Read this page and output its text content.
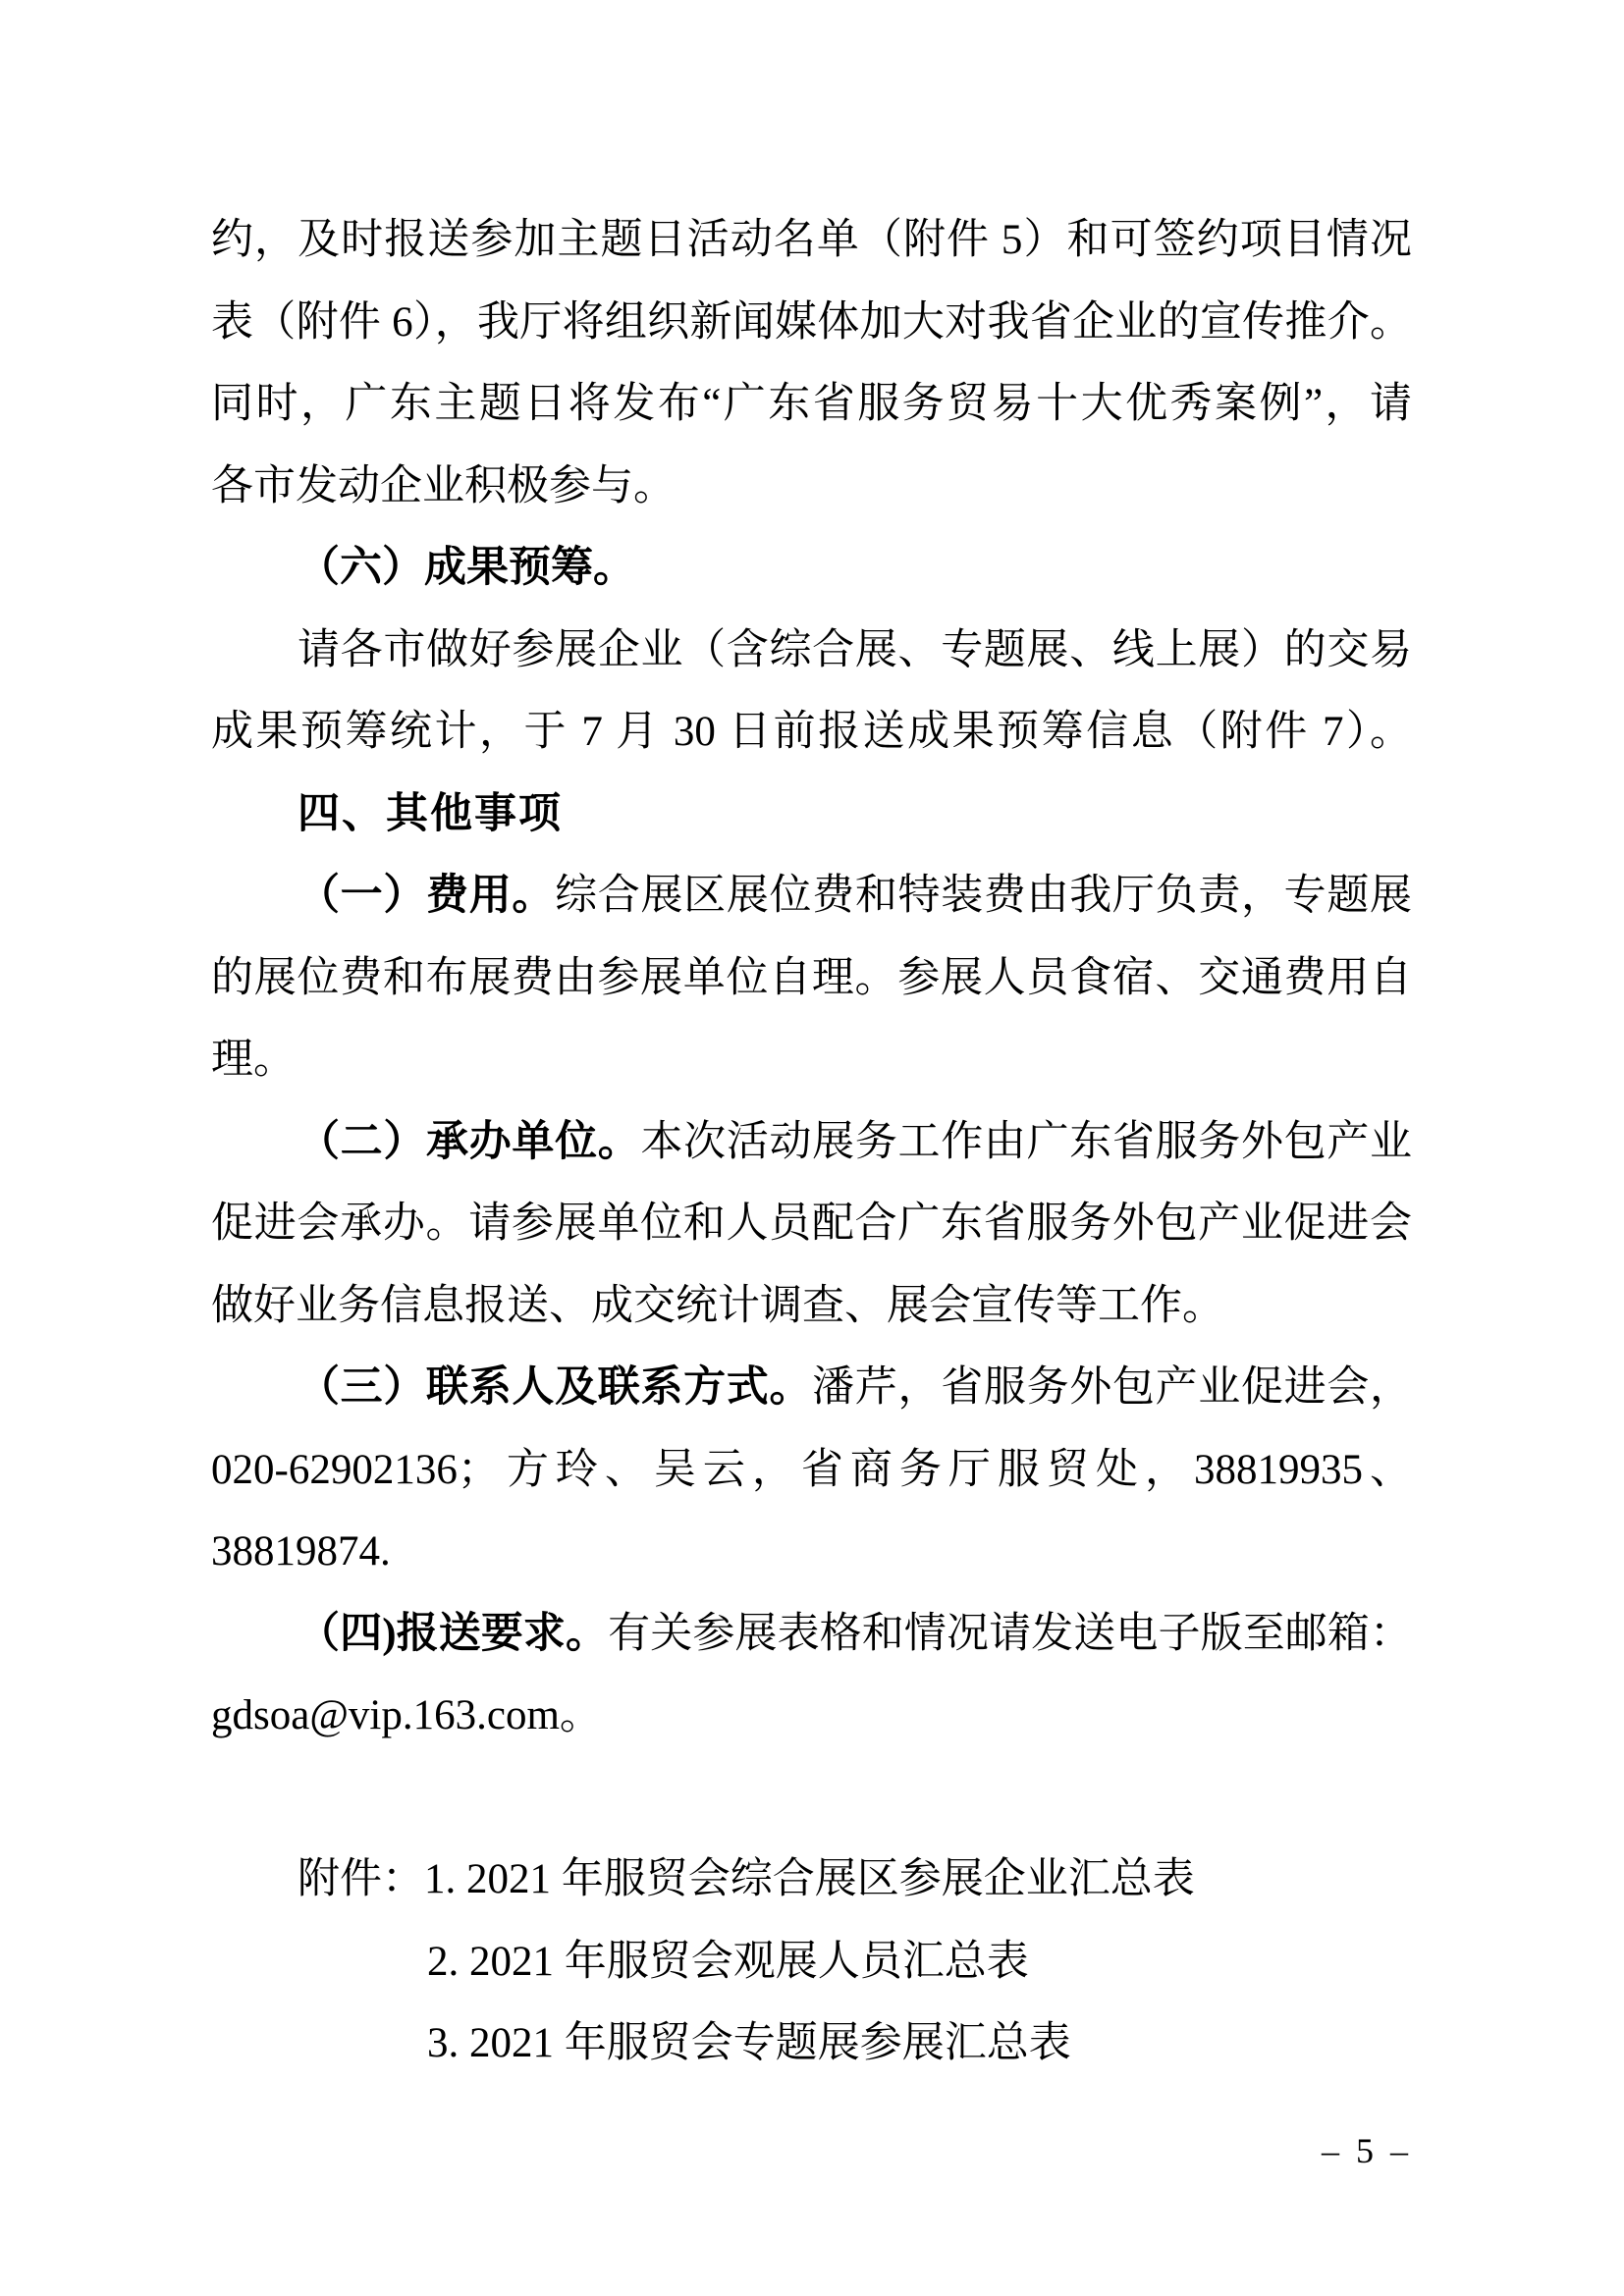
约，及时报送参加主题日活动名单（附件 5）和可签约项目情况
表（附件 6），我厅将组织新闻媒体加大对我省企业的宣传推介。
同时，广东主题日将发布“广东省服务贸易十大优秀案例”，请
各市发动企业积极参与。
（六）成果预筹。
请各市做好参展企业（含综合展、专题展、线上展）的交易
成果预筹统计，于 7 月 30 日前报送成果预筹信息（附件 7）。
四、其他事项
（一）费用。综合展区展位费和特装费由我厅负责，专题展
的展位费和布展费由参展单位自理。参展人员食宿、交通费用自
理。
（二）承办单位。本次活动展务工作由广东省服务外包产业
促进会承办。请参展单位和人员配合广东省服务外包产业促进会
做好业务信息报送、成交统计调查、展会宣传等工作。
（三）联系人及联系方式。潘芹，省服务外包产业促进会，
020-62902136；方玲、吴云，省商务厅服贸处，38819935、
38819874.
（四)报送要求。有关参展表格和情况请发送电子版至邮箱：
gdsoa@vip.163.com。
附件：1. 2021 年服贸会综合展区参展企业汇总表
2. 2021 年服贸会观展人员汇总表
3. 2021 年服贸会专题展参展汇总表
– 5 –
